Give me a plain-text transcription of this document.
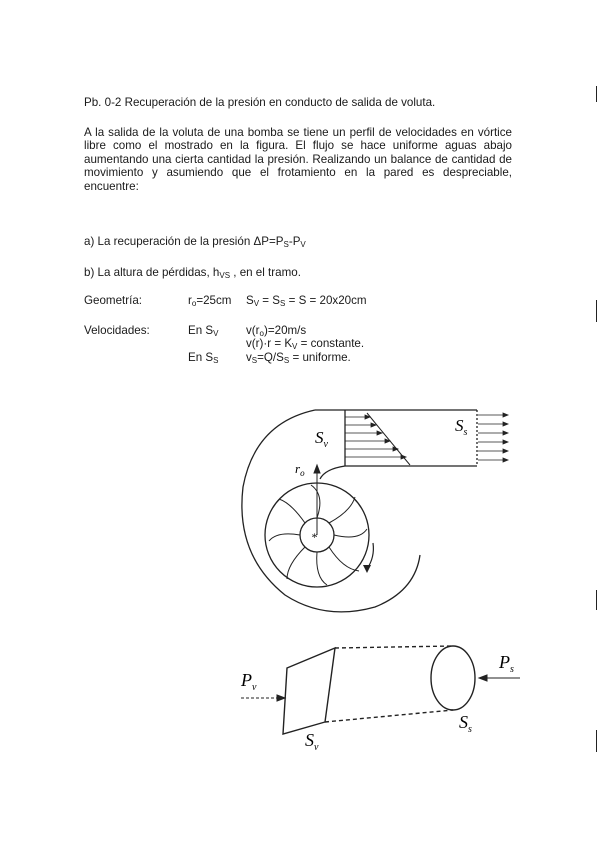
Pb. 0-2 Recuperación de la presión en conducto de salida de voluta.
A la salida de la voluta de una bomba se tiene un perfil de velocidades en vórtice libre como el mostrado en la figura. El flujo se hace uniforme aguas abajo aumentando una cierta cantidad la presión. Realizando un balance de cantidad de movimiento y asumiendo que el frotamiento en la pared es despreciable, encuentre:
a) La recuperación de la presión $\Delta P=P_S-P_V$
b) La altura de pérdidas, $h_{VS}$ , en el tramo.
Geometría:	$r_o=25cm$ $S_V = S_S = S = 20x20cm$
Velocidades:	En $S_V$ $v(r_o)=20m/s$
$v(r)\cdot r = K_V$ = constante.
En $S_S$ $v_S=Q/S_S$ = uniforme.
*
$S_v$
$S_s$
$r_o$
$P_v$
$P_s$
$S_v$
$S_s$
